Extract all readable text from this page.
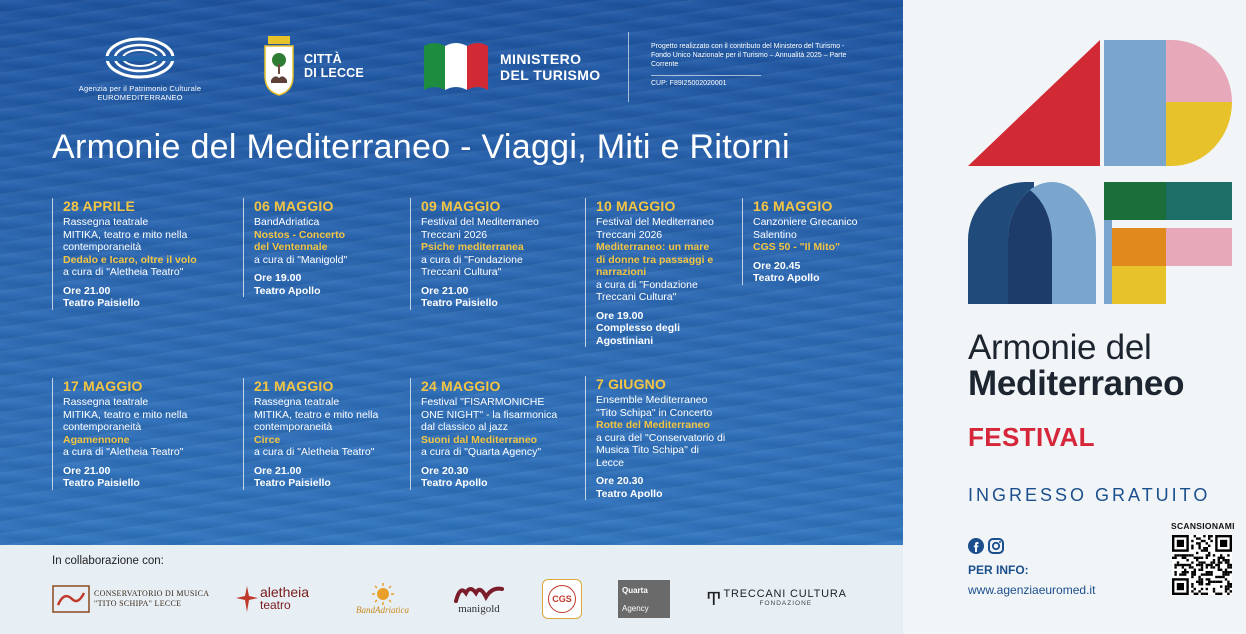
Agenzia per il Patrimonio Culturale
EUROMEDITERRANEO
CITTÀ
DI LECCE
MINISTERO
DEL TURISMO
Progetto realizzato con il contributo del Ministero del Turismo - Fondo Unico Nazionale per il Turismo – Annualità 2025 – Parte Corrente
CUP: F89I25002020001
Armonie del Mediterraneo - Viaggi, Miti e Ritorni
28 APRILE
Rassegna teatrale
MITIKA, teatro e mito nella
contemporaneità
Dedalo e Icaro, oltre il volo
a cura di "Aletheia Teatro"
Ore 21.00
Teatro Paisiello
06 MAGGIO
BandAdriatica
Nostos - Concerto
del Ventennale
a cura di "Manigold"
Ore 19.00
Teatro Apollo
09 MAGGIO
Festival del Mediterraneo
Treccani 2026
Psiche mediterranea
a cura di "Fondazione
Treccani Cultura"
Ore 21.00
Teatro Paisiello
10 MAGGIO
Festival del Mediterraneo
Treccani 2026
Mediterraneo: un mare
di donne tra passaggi e
narrazioni
a cura di "Fondazione
Treccani Cultura"
Ore 19.00
Complesso degli
Agostiniani
16 MAGGIO
Canzoniere Grecanico
Salentino
CGS 50 - "Il Mito"
Ore 20.45
Teatro Apollo
17 MAGGIO
Rassegna teatrale
MITIKA, teatro e mito nella
contemporaneità
Agamennone
a cura di "Aletheia Teatro"
Ore 21.00
Teatro Paisiello
21 MAGGIO
Rassegna teatrale
MITIKA, teatro e mito nella
contemporaneità
Circe
a cura di "Aletheia Teatro"
Ore 21.00
Teatro Paisiello
24 MAGGIO
Festival "FISARMONICHE
ONE NIGHT" - la fisarmonica
dal classico al jazz
Suoni dal Mediterraneo
a cura di "Quarta Agency"
Ore 20.30
Teatro Apollo
7 GIUGNO
Ensemble Mediterraneo
"Tito Schipa" in Concerto
Rotte del Mediterraneo
a cura del "Conservatorio di
Musica Tito Schipa" di
Lecce
Ore 20.30
Teatro Apollo
In collaborazione con:
CONSERVATORIO DI MUSICA
"TITO SCHIPA" LECCE
aletheia
teatro	BandAdriatica	manigold
CGS
Quarta
Agency	Ͳ TRECCANI CULTURA
FONDAZIONE
Armonie del
Mediterraneo
FESTIVAL
INGRESSO GRATUITO
PER INFO:
www.agenziaeuromed.it
SCANSIONAMI
